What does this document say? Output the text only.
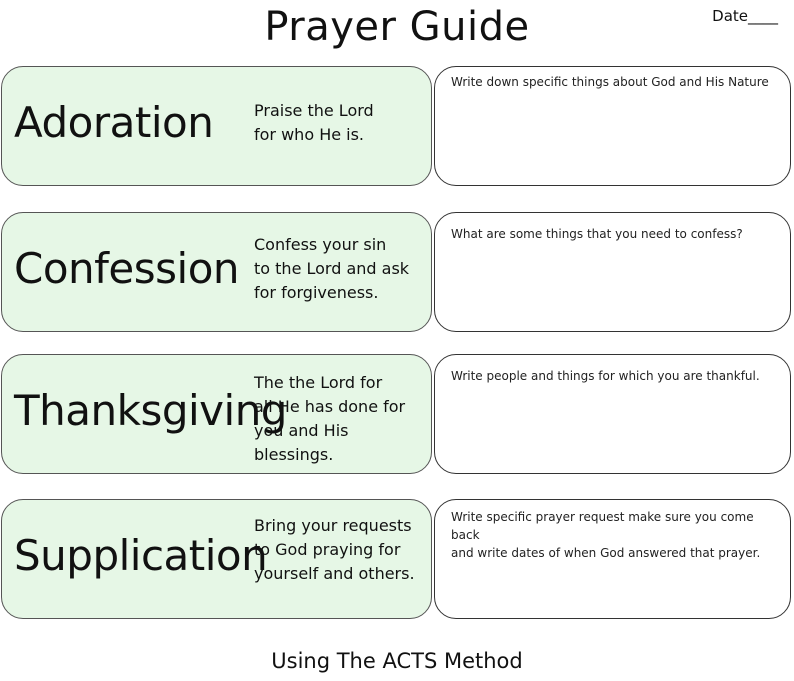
Prayer Guide	Date____
Adoration	Praise the Lord
for who He is.
Write down specific things about God and His Nature
Confession Confess your sin
to the Lord and ask
for forgiveness.
What are some things that you need to confess?
Thanksgiving
The the Lord for
all He has done for
you and His blessings.
Write people and things for which you are thankful.
Supplication
Bring your requests
to God praying for
yourself and others.
Write specific prayer request make sure you come back
and write dates of when God answered that prayer.
Using The ACTS Method
